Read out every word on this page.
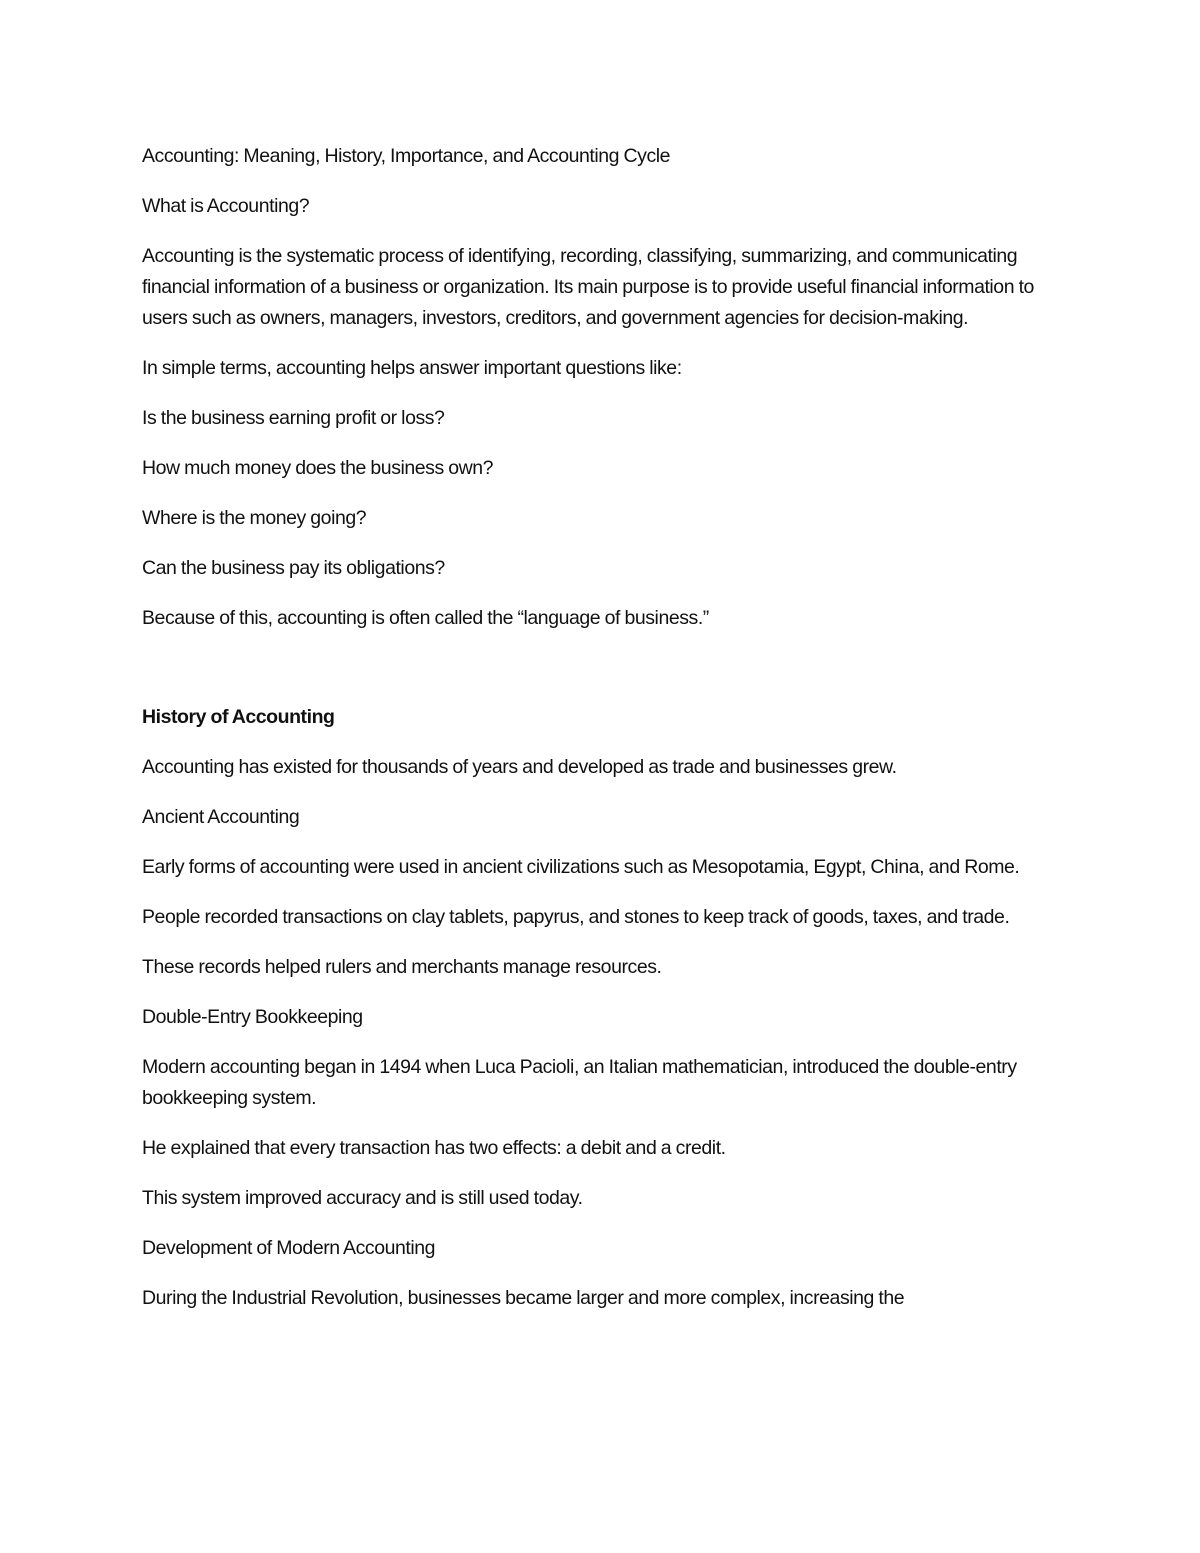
Accounting: Meaning, History, Importance, and Accounting Cycle

What is Accounting?

Accounting is the systematic process of identifying, recording, classifying, summarizing, and communicating financial information of a business or organization. Its main purpose is to provide useful financial information to users such as owners, managers, investors, creditors, and government agencies for decision-making.

In simple terms, accounting helps answer important questions like:

Is the business earning profit or loss?

How much money does the business own?

Where is the money going?

Can the business pay its obligations?

Because of this, accounting is often called the “language of business.”

History of Accounting

Accounting has existed for thousands of years and developed as trade and businesses grew.

Ancient Accounting

Early forms of accounting were used in ancient civilizations such as Mesopotamia, Egypt, China, and Rome.

People recorded transactions on clay tablets, papyrus, and stones to keep track of goods, taxes, and trade.

These records helped rulers and merchants manage resources.

Double-Entry Bookkeeping

Modern accounting began in 1494 when Luca Pacioli, an Italian mathematician, introduced the double-entry bookkeeping system.

He explained that every transaction has two effects: a debit and a credit.

This system improved accuracy and is still used today.

Development of Modern Accounting

During the Industrial Revolution, businesses became larger and more complex, increasing the
